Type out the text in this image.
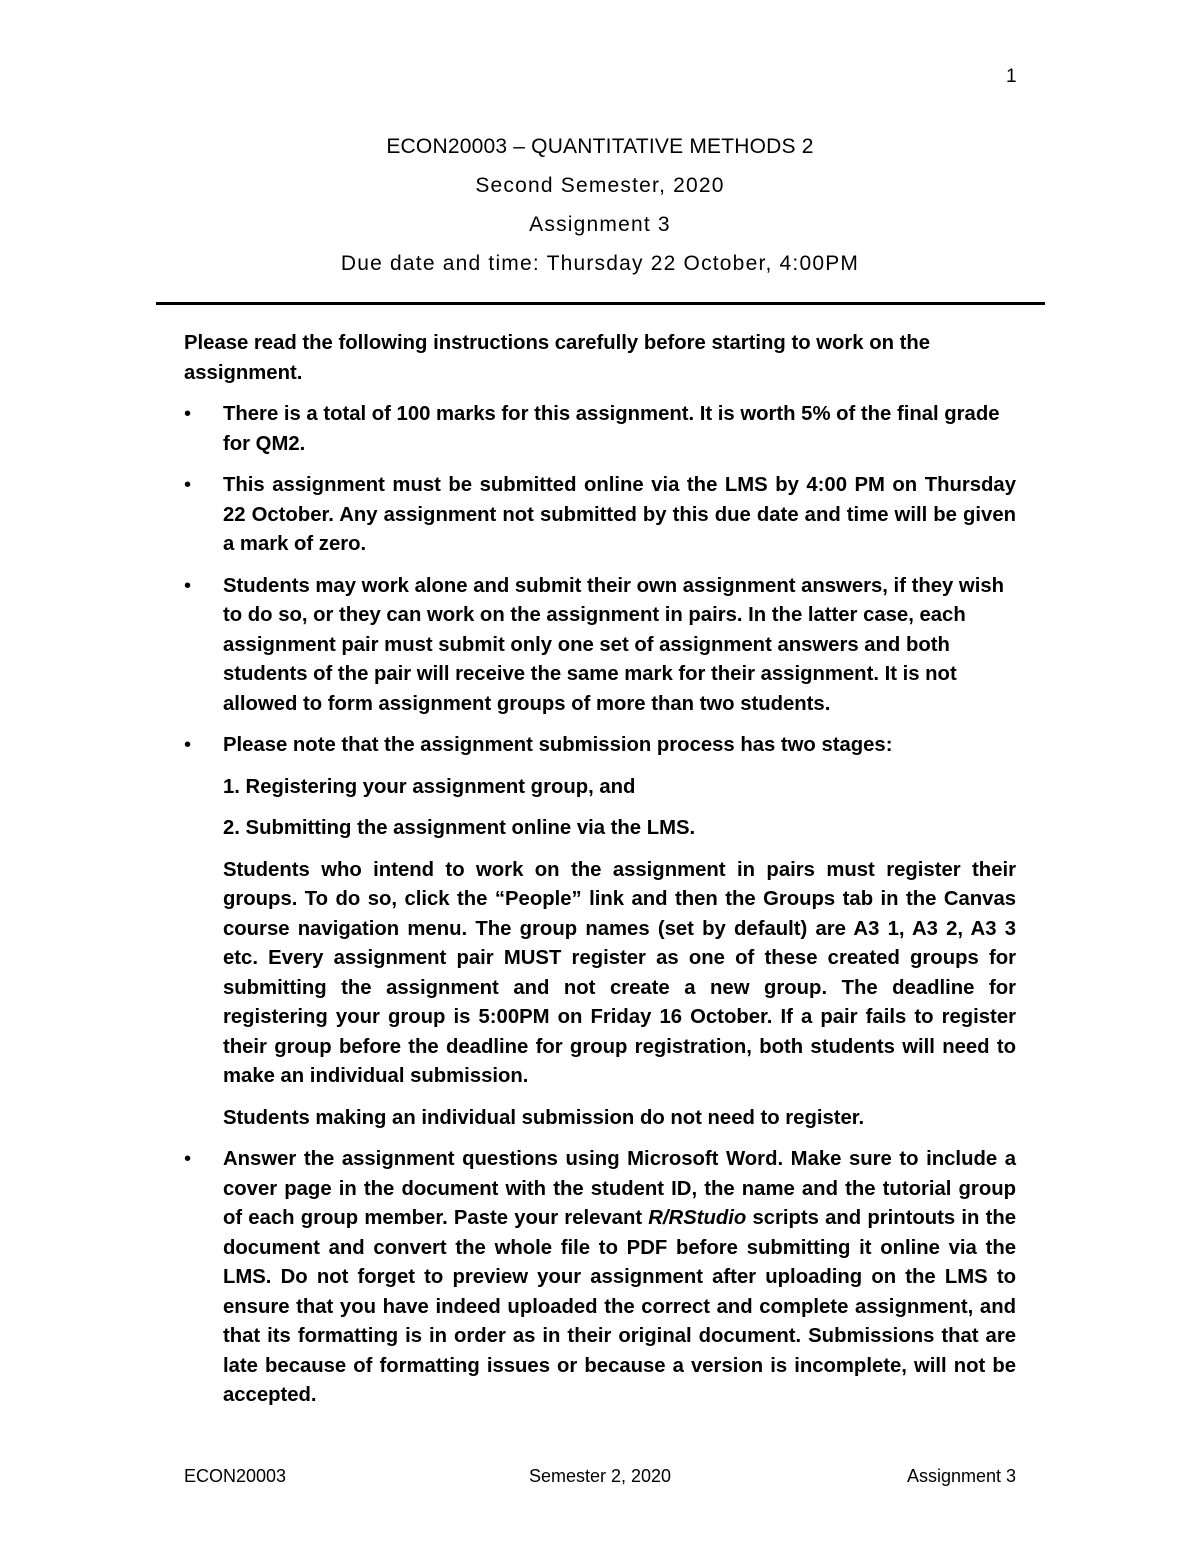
1
ECON20003 – QUANTITATIVE METHODS 2
Second Semester, 2020
Assignment 3
Due date and time: Thursday 22 October, 4:00PM

Please read the following instructions carefully before starting to work on the assignment.

• There is a total of 100 marks for this assignment. It is worth 5% of the final grade for QM2.
• This assignment must be submitted online via the LMS by 4:00 PM on Thursday 22 October. Any assignment not submitted by this due date and time will be given a mark of zero.
• Students may work alone and submit their own assignment answers, if they wish to do so, or they can work on the assignment in pairs. In the latter case, each assignment pair must submit only one set of assignment answers and both students of the pair will receive the same mark for their assignment. It is not allowed to form assignment groups of more than two students.
• Please note that the assignment submission process has two stages:
1. Registering your assignment group, and
2. Submitting the assignment online via the LMS.
Students who intend to work on the assignment in pairs must register their groups. To do so, click the “People” link and then the Groups tab in the Canvas course navigation menu. The group names (set by default) are A3 1, A3 2, A3 3 etc. Every assignment pair MUST register as one of these created groups for submitting the assignment and not create a new group. The deadline for registering your group is 5:00PM on Friday 16 October. If a pair fails to register their group before the deadline for group registration, both students will need to make an individual submission.
Students making an individual submission do not need to register.
• Answer the assignment questions using Microsoft Word. Make sure to include a cover page in the document with the student ID, the name and the tutorial group of each group member. Paste your relevant R/RStudio scripts and printouts in the document and convert the whole file to PDF before submitting it online via the LMS. Do not forget to preview your assignment after uploading on the LMS to ensure that you have indeed uploaded the correct and complete assignment, and that its formatting is in order as in their original document. Submissions that are late because of formatting issues or because a version is incomplete, will not be accepted.
ECON20003	Semester 2, 2020	Assignment 3
